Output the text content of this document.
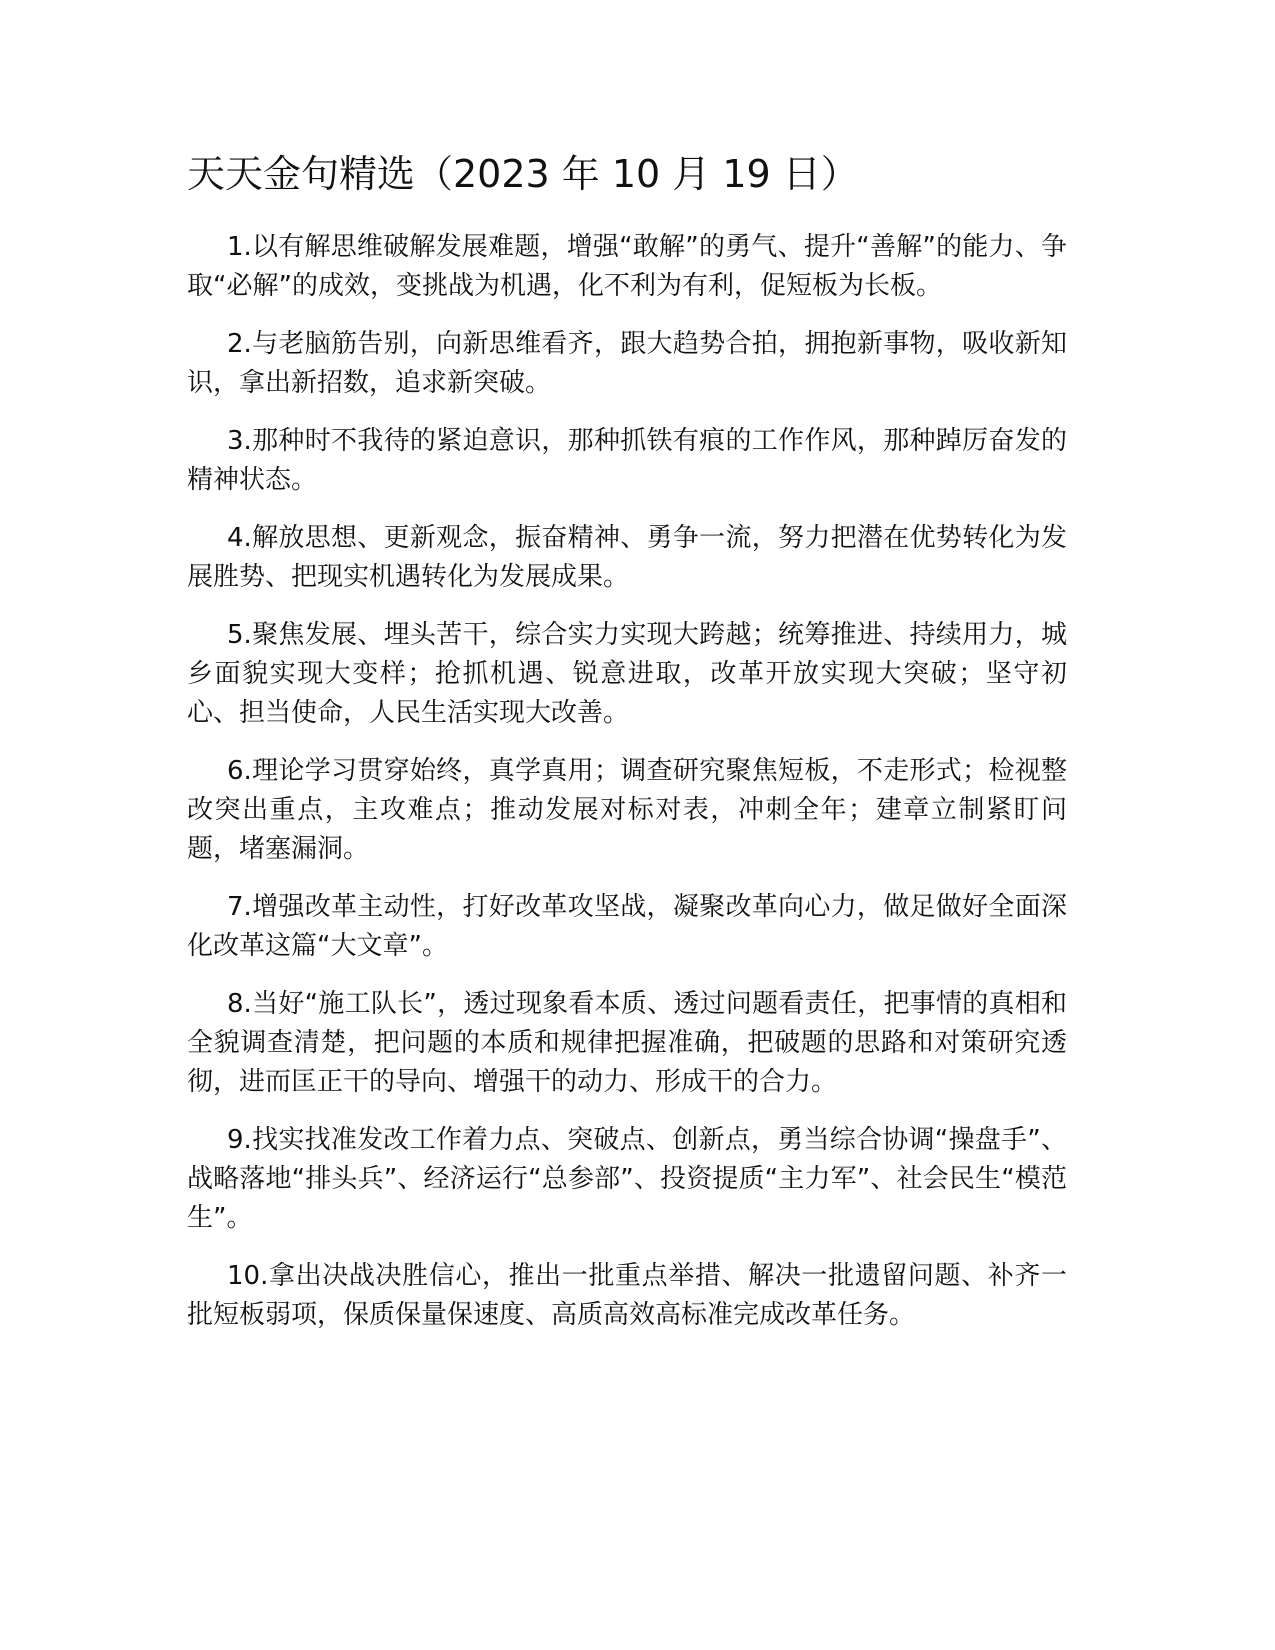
天天金句精选（2023 年 10 月 19 日）
1.以有解思维破解发展难题，增强“敢解”的勇气、提升“善解”的能力、争取“必解”的成效，变挑战为机遇，化不利为有利，促短板为长板。
2.与老脑筋告别，向新思维看齐，跟大趋势合拍，拥抱新事物，吸收新知识，拿出新招数，追求新突破。
3.那种时不我待的紧迫意识，那种抓铁有痕的工作作风，那种踔厉奋发的精神状态。
4.解放思想、更新观念，振奋精神、勇争一流，努力把潜在优势转化为发展胜势、把现实机遇转化为发展成果。
5.聚焦发展、埋头苦干，综合实力实现大跨越；统筹推进、持续用力，城乡面貌实现大变样；抢抓机遇、锐意进取，改革开放实现大突破；坚守初心、担当使命，人民生活实现大改善。
6.理论学习贯穿始终，真学真用；调查研究聚焦短板，不走形式；检视整改突出重点，主攻难点；推动发展对标对表，冲刺全年；建章立制紧盯问题，堵塞漏洞。
7.增强改革主动性，打好改革攻坚战，凝聚改革向心力，做足做好全面深化改革这篇“大文章”。
8.当好“施工队长”，透过现象看本质、透过问题看责任，把事情的真相和全貌调查清楚，把问题的本质和规律把握准确，把破题的思路和对策研究透彻，进而匡正干的导向、增强干的动力、形成干的合力。
9.找实找准发改工作着力点、突破点、创新点，勇当综合协调“操盘手”、战略落地“排头兵”、经济运行“总参部”、投资提质“主力军”、社会民生“模范生”。
10.拿出决战决胜信心，推出一批重点举措、解决一批遗留问题、补齐一批短板弱项，保质保量保速度、高质高效高标准完成改革任务。
